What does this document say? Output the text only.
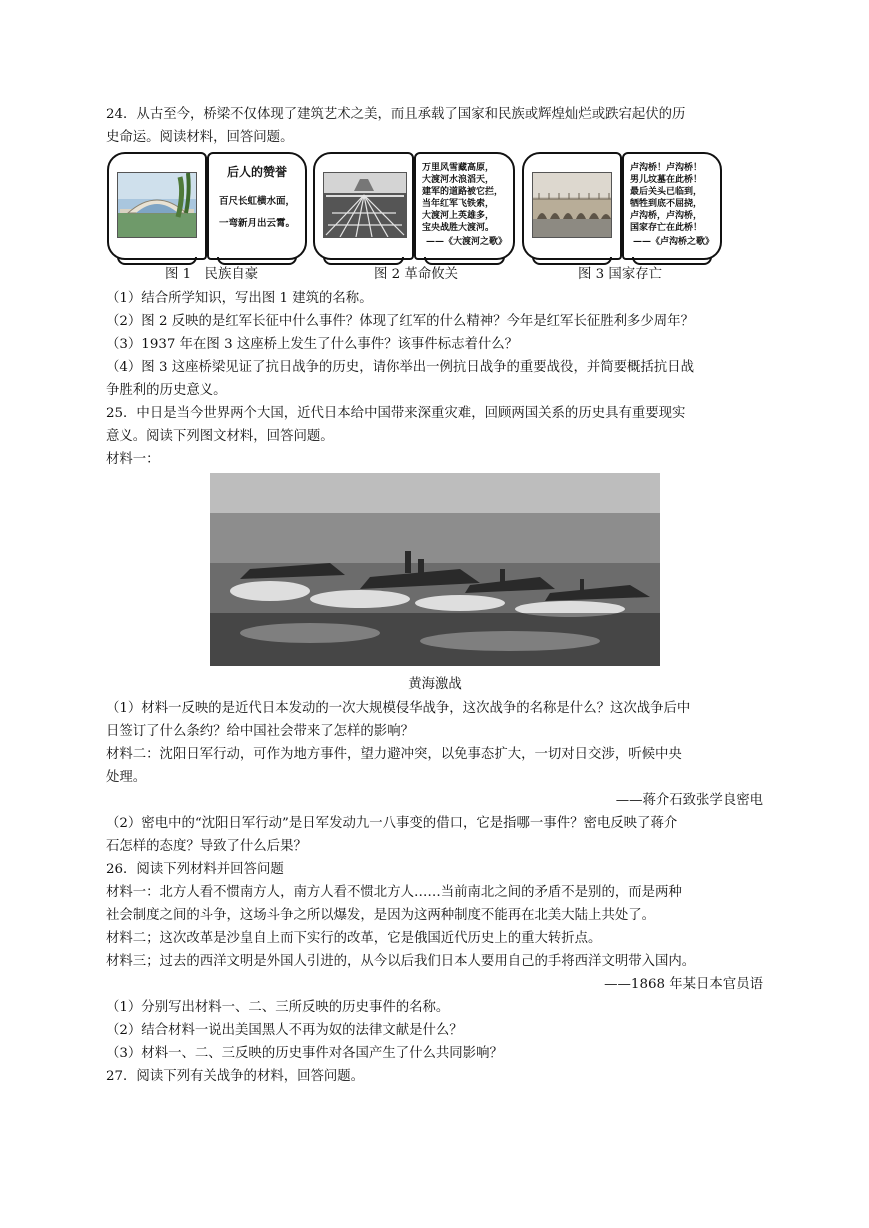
24．从古至今，桥梁不仅体现了建筑艺术之美，而且承载了国家和民族或辉煌灿烂或跌宕起伏的历
史命运。阅读材料，回答问题。
后人的赞誉
百尺长虹横水面，
一弯新月出云霄。
万里风雪藏高原，
大渡河水浪滔天，
建军的道路被它拦，
当年红军飞铁索，
大渡河上英雄多，
宝央战胜大渡河。
——《大渡河之歌》
卢沟桥！卢沟桥！
男儿坟墓在此桥！
最后关头已临到，
牺牲到底不屈挠，
卢沟桥，卢沟桥，
国家存亡在此桥！
——《卢沟桥之歌》
图 1　民族自豪	图 2 革命攸关	图 3 国家存亡
（1）结合所学知识，写出图 1 建筑的名称。
（2）图 2 反映的是红军长征中什么事件？体现了红军的什么精神？今年是红军长征胜利多少周年？
（3）1937 年在图 3 这座桥上发生了什么事件？该事件标志着什么？
（4）图 3 这座桥梁见证了抗日战争的历史，请你举出一例抗日战争的重要战役，并简要概括抗日战
争胜利的历史意义。
25．中日是当今世界两个大国，近代日本给中国带来深重灾难，回顾两国关系的历史具有重要现实
意义。阅读下列图文材料，回答问题。
材料一：
黄海激战
（1）材料一反映的是近代日本发动的一次大规模侵华战争，这次战争的名称是什么？这次战争后中
日签订了什么条约？给中国社会带来了怎样的影响？
材料二：沈阳日军行动，可作为地方事件，望力避冲突，以免事态扩大，一切对日交涉，听候中央
处理。
——蒋介石致张学良密电
（2）密电中的“沈阳日军行动”是日军发动九一八事变的借口，它是指哪一事件？密电反映了蒋介
石怎样的态度？导致了什么后果？
26．阅读下列材料并回答问题
材料一：北方人看不惯南方人，南方人看不惯北方人……当前南北之间的矛盾不是别的，而是两种
社会制度之间的斗争，这场斗争之所以爆发，是因为这两种制度不能再在北美大陆上共处了。
材料二；这次改革是沙皇自上而下实行的改革，它是俄国近代历史上的重大转折点。
材料三；过去的西洋文明是外国人引进的，从今以后我们日本人要用自己的手将西洋文明带入国内。
——1868 年某日本官员语
（1）分别写出材料一、二、三所反映的历史事件的名称。
（2）结合材料一说出美国黑人不再为奴的法律文献是什么？
（3）材料一、二、三反映的历史事件对各国产生了什么共同影响？
27．阅读下列有关战争的材料，回答问题。
